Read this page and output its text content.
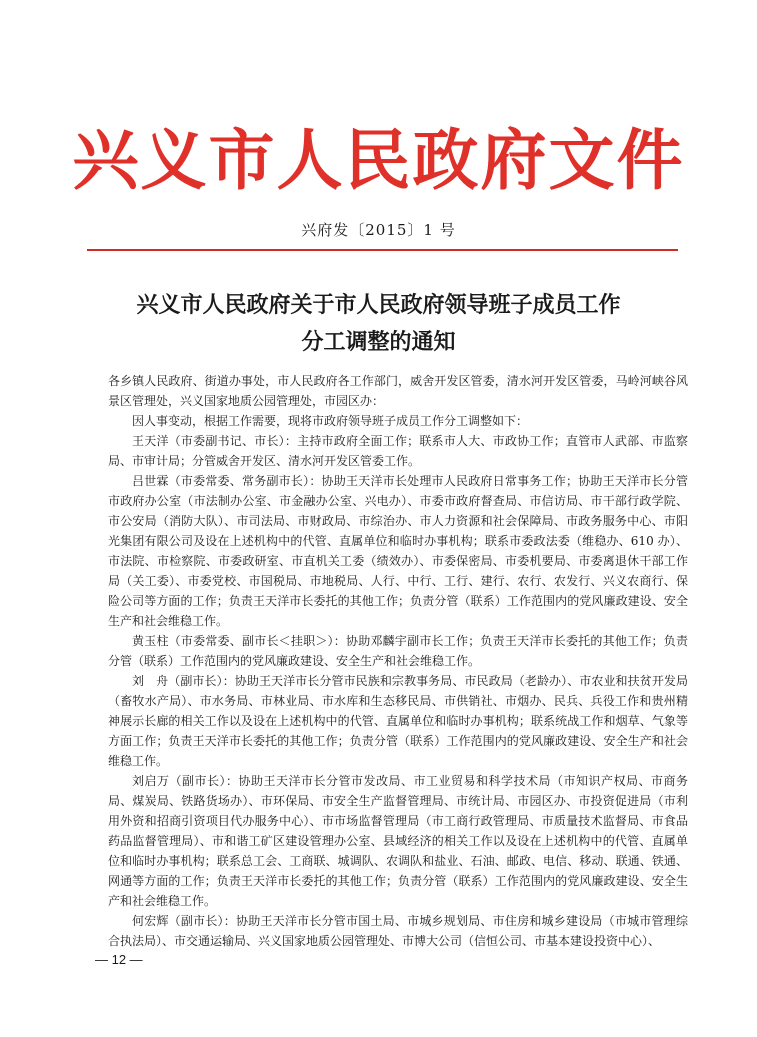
兴义市人民政府文件
兴府发〔2015〕1 号
兴义市人民政府关于市人民政府领导班子成员工作
分工调整的通知

各乡镇人民政府、街道办事处，市人民政府各工作部门，威舍开发区管委，清水河开发区管委，马岭河峡谷风景区管理处，兴义国家地质公园管理处，市园区办：

因人事变动，根据工作需要，现将市政府领导班子成员工作分工调整如下：

王天洋（市委副书记、市长）：主持市政府全面工作；联系市人大、市政协工作；直管市人武部、市监察局、市审计局；分管威舍开发区、清水河开发区管委工作。

吕世霖（市委常委、常务副市长）：协助王天洋市长处理市人民政府日常事务工作；协助王天洋市长分管市政府办公室（市法制办公室、市金融办公室、兴电办）、市委市政府督查局、市信访局、市干部行政学院、市公安局（消防大队）、市司法局、市财政局、市综治办、市人力资源和社会保障局、市政务服务中心、市阳光集团有限公司及设在上述机构中的代管、直属单位和临时办事机构；联系市委政法委（维稳办、610 办）、市法院、市检察院、市委政研室、市直机关工委（绩效办）、市委保密局、市委机要局、市委离退休干部工作局（关工委）、市委党校、市国税局、市地税局、人行、中行、工行、建行、农行、农发行、兴义农商行、保险公司等方面的工作；负责王天洋市长委托的其他工作；负责分管（联系）工作范围内的党风廉政建设、安全生产和社会维稳工作。

黄玉柱（市委常委、副市长＜挂职＞）：协助邓麟宇副市长工作；负责王天洋市长委托的其他工作；负责分管（联系）工作范围内的党风廉政建设、安全生产和社会维稳工作。

刘　舟（副市长）：协助王天洋市长分管市民族和宗教事务局、市民政局（老龄办）、市农业和扶贫开发局（畜牧水产局）、市水务局、市林业局、市水库和生态移民局、市供销社、市烟办、民兵、兵役工作和贵州精神展示长廊的相关工作以及设在上述机构中的代管、直属单位和临时办事机构；联系统战工作和烟草、气象等方面工作；负责王天洋市长委托的其他工作；负责分管（联系）工作范围内的党风廉政建设、安全生产和社会维稳工作。

刘启万（副市长）：协助王天洋市长分管市发改局、市工业贸易和科学技术局（市知识产权局、市商务局、煤炭局、铁路货场办）、市环保局、市安全生产监督管理局、市统计局、市园区办、市投资促进局（市利用外资和招商引资项目代办服务中心）、市市场监督管理局（市工商行政管理局、市质量技术监督局、市食品药品监督管理局）、市和谐工矿区建设管理办公室、县域经济的相关工作以及设在上述机构中的代管、直属单位和临时办事机构；联系总工会、工商联、城调队、农调队和盐业、石油、邮政、电信、移动、联通、铁通、网通等方面的工作；负责王天洋市长委托的其他工作；负责分管（联系）工作范围内的党风廉政建设、安全生产和社会维稳工作。

何宏辉（副市长）：协助王天洋市长分管市国土局、市城乡规划局、市住房和城乡建设局（市城市管理综合执法局）、市交通运输局、兴义国家地质公园管理处、市博大公司（信恒公司、市基本建设投资中心）、

— 12 —
